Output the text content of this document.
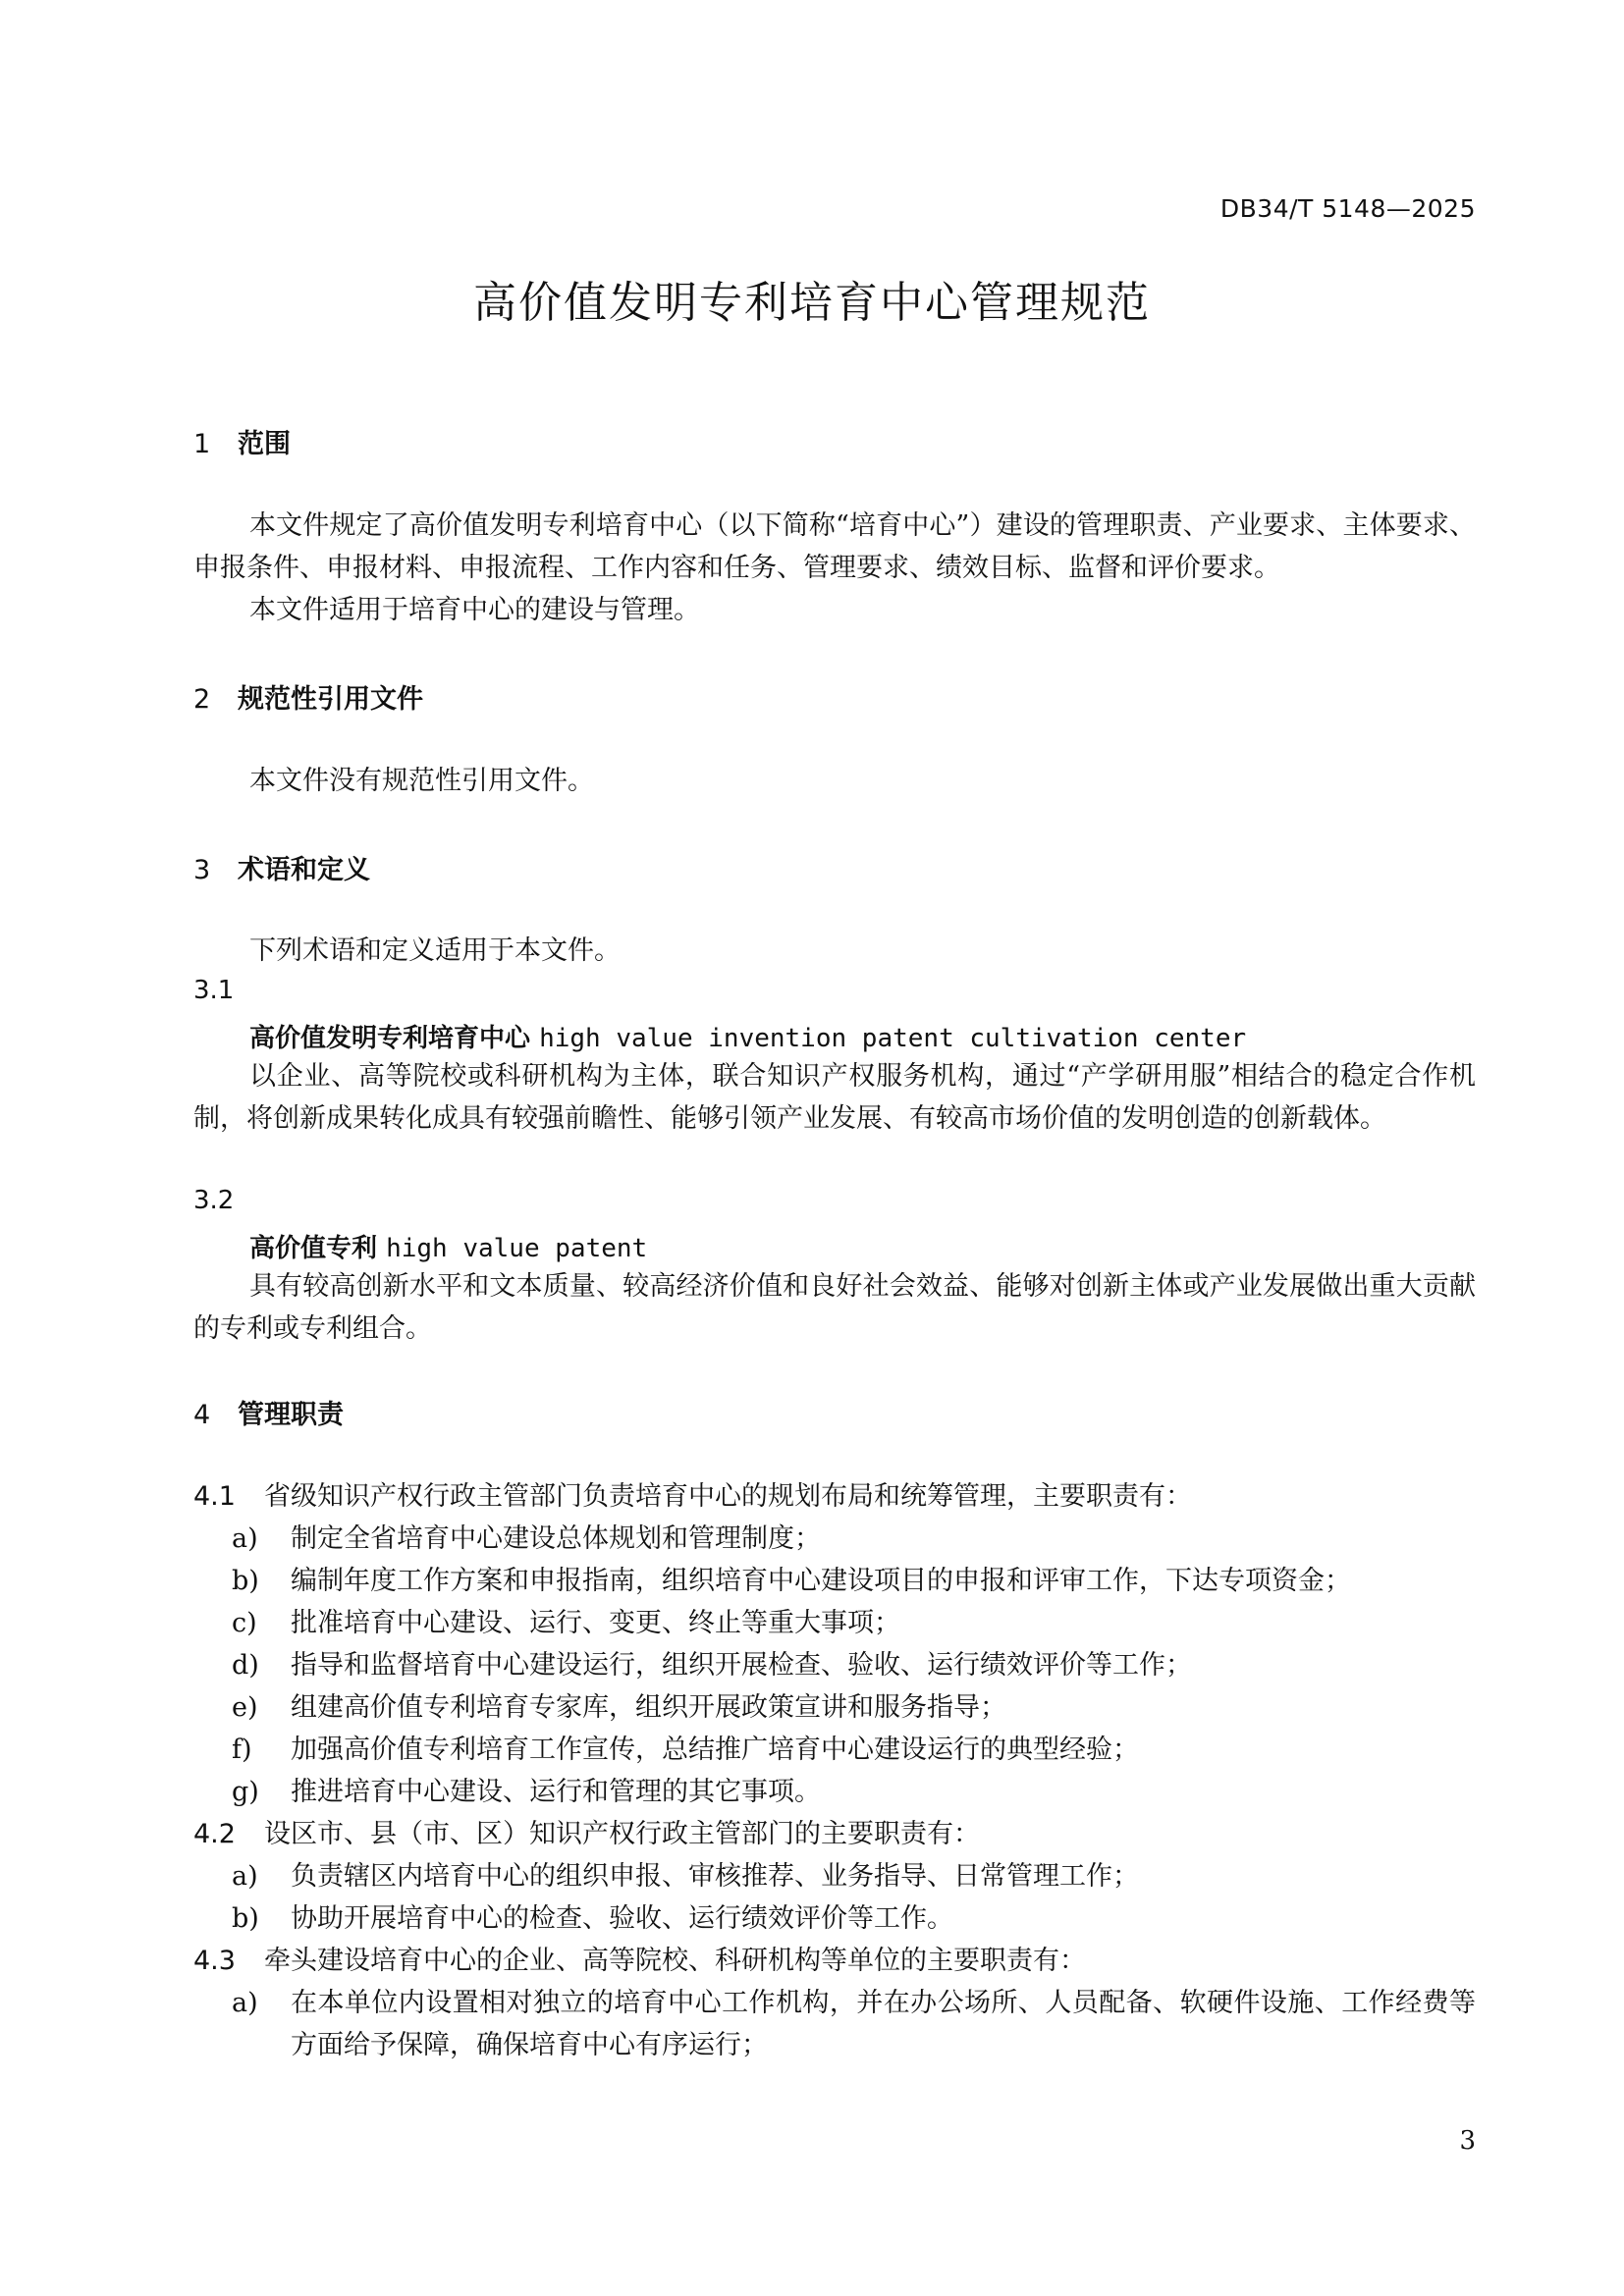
DB34/T 5148—2025
高价值发明专利培育中心管理规范
1 范围
本文件规定了高价值发明专利培育中心（以下简称“培育中心”）建设的管理职责、产业要求、主体要求、申报条件、申报材料、申报流程、工作内容和任务、管理要求、绩效目标、监督和评价要求。
本文件适用于培育中心的建设与管理。
2 规范性引用文件
本文件没有规范性引用文件。
3 术语和定义
下列术语和定义适用于本文件。
3.1
高价值发明专利培育中心 high value invention patent cultivation center
以企业、高等院校或科研机构为主体，联合知识产权服务机构，通过“产学研用服”相结合的稳定合作机制，将创新成果转化成具有较强前瞻性、能够引领产业发展、有较高市场价值的发明创造的创新载体。
3.2
高价值专利 high value patent
具有较高创新水平和文本质量、较高经济价值和良好社会效益、能够对创新主体或产业发展做出重大贡献的专利或专利组合。
4 管理职责
4.1 省级知识产权行政主管部门负责培育中心的规划布局和统筹管理，主要职责有：
a)	制定全省培育中心建设总体规划和管理制度；
b)	编制年度工作方案和申报指南，组织培育中心建设项目的申报和评审工作，下达专项资金；
c)	批准培育中心建设、运行、变更、终止等重大事项；
d)	指导和监督培育中心建设运行，组织开展检查、验收、运行绩效评价等工作；
e)	组建高价值专利培育专家库，组织开展政策宣讲和服务指导；
f)	加强高价值专利培育工作宣传，总结推广培育中心建设运行的典型经验；
g)	推进培育中心建设、运行和管理的其它事项。
4.2 设区市、县（市、区）知识产权行政主管部门的主要职责有：
a)	负责辖区内培育中心的组织申报、审核推荐、业务指导、日常管理工作；
b)	协助开展培育中心的检查、验收、运行绩效评价等工作。
4.3 牵头建设培育中心的企业、高等院校、科研机构等单位的主要职责有：
a)	在本单位内设置相对独立的培育中心工作机构，并在办公场所、人员配备、软硬件设施、工作经费等方面给予保障，确保培育中心有序运行；
3
